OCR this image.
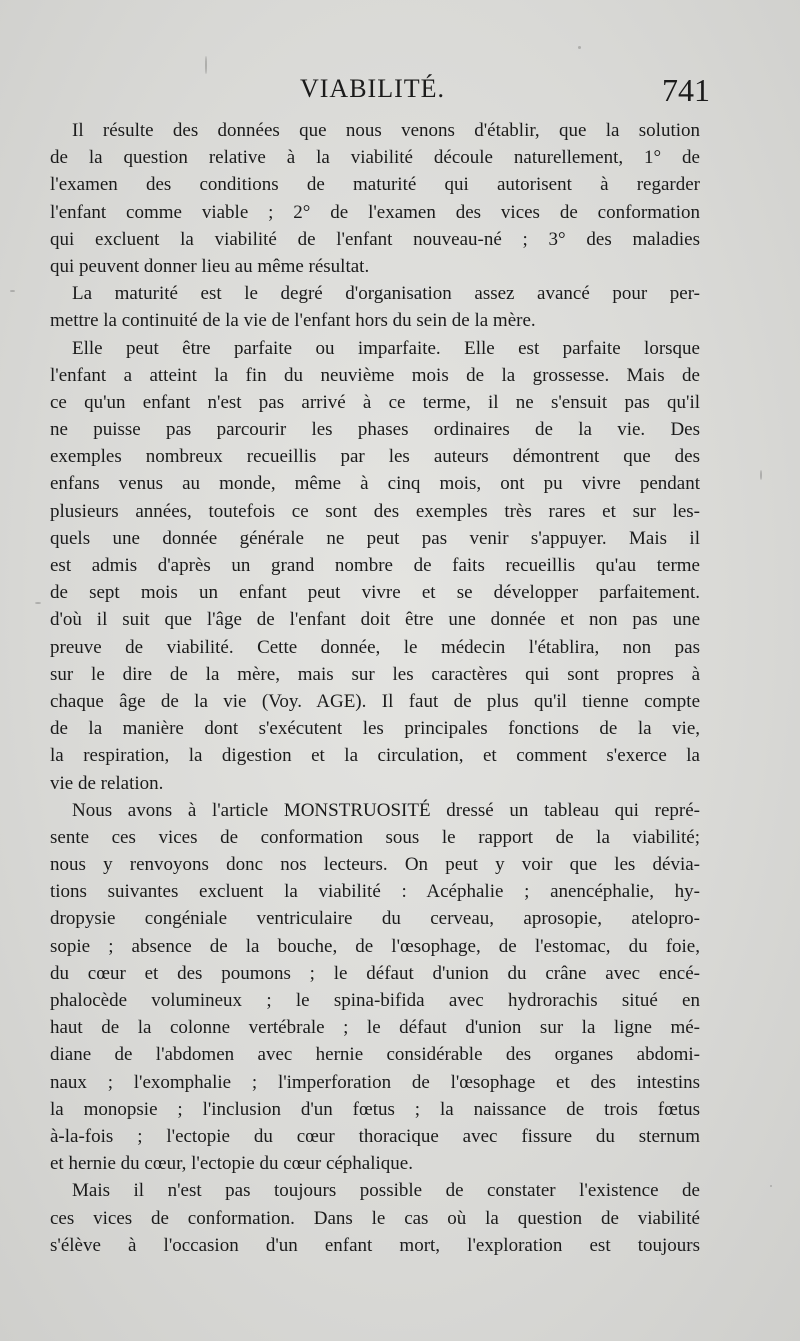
VIABILITÉ.	741
Il résulte des données que nous venons d'établir, que la solution
de la question relative à la viabilité découle naturellement, 1° de
l'examen des conditions de maturité qui autorisent à regarder
l'enfant comme viable ; 2° de l'examen des vices de conformation
qui excluent la viabilité de l'enfant nouveau-né ; 3° des maladies
qui peuvent donner lieu au même résultat.
La maturité est le degré d'organisation assez avancé pour per-
mettre la continuité de la vie de l'enfant hors du sein de la mère.
Elle peut être parfaite ou imparfaite. Elle est parfaite lorsque
l'enfant a atteint la fin du neuvième mois de la grossesse. Mais de
ce qu'un enfant n'est pas arrivé à ce terme, il ne s'ensuit pas qu'il
ne puisse pas parcourir les phases ordinaires de la vie. Des
exemples nombreux recueillis par les auteurs démontrent que des
enfans venus au monde, même à cinq mois, ont pu vivre pendant
plusieurs années, toutefois ce sont des exemples très rares et sur les-
quels une donnée générale ne peut pas venir s'appuyer. Mais il
est admis d'après un grand nombre de faits recueillis qu'au terme
de sept mois un enfant peut vivre et se développer parfaitement.
d'où il suit que l'âge de l'enfant doit être une donnée et non pas une
preuve de viabilité. Cette donnée, le médecin l'établira, non pas
sur le dire de la mère, mais sur les caractères qui sont propres à
chaque âge de la vie (Voy. AGE). Il faut de plus qu'il tienne compte
de la manière dont s'exécutent les principales fonctions de la vie,
la respiration, la digestion et la circulation, et comment s'exerce la
vie de relation.
Nous avons à l'article MONSTRUOSITÉ dressé un tableau qui repré-
sente ces vices de conformation sous le rapport de la viabilité;
nous y renvoyons donc nos lecteurs. On peut y voir que les dévia-
tions suivantes excluent la viabilité : Acéphalie ; anencéphalie, hy-
dropysie congéniale ventriculaire du cerveau, aprosopie, atelopro-
sopie ; absence de la bouche, de l'œsophage, de l'estomac, du foie,
du cœur et des poumons ; le défaut d'union du crâne avec encé-
phalocède volumineux ; le spina-bifida avec hydrorachis situé en
haut de la colonne vertébrale ; le défaut d'union sur la ligne mé-
diane de l'abdomen avec hernie considérable des organes abdomi-
naux ; l'exomphalie ; l'imperforation de l'œsophage et des intestins
la monopsie ; l'inclusion d'un fœtus ; la naissance de trois fœtus
à-la-fois ; l'ectopie du cœur thoracique avec fissure du sternum
et hernie du cœur, l'ectopie du cœur céphalique.
Mais il n'est pas toujours possible de constater l'existence de
ces vices de conformation. Dans le cas où la question de viabilité
s'élève à l'occasion d'un enfant mort, l'exploration est toujours
